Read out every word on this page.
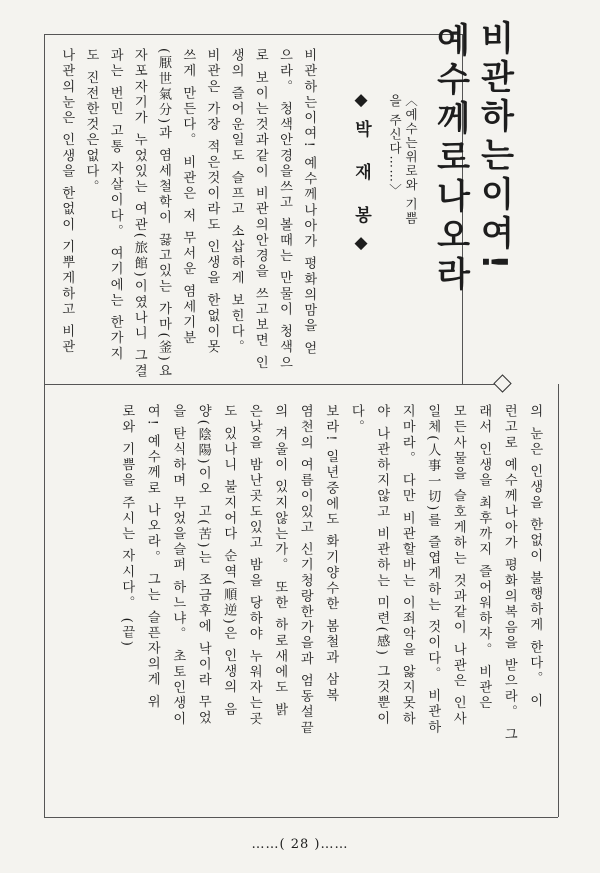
비관하는이여!
예수께로나오라
〈예수는위로와 기쁨
을 주신다……〉
◆박 재 봉◆
비관하는이여! 예수께나아가 평화의맘을 얻
으라。 청색안경을쓰고 볼때는 만물이 청색으
로 보이는것과같이 비관의안경을 쓰고보면 인
생의 즐어운일도 슬프고 소삽하게 보힌다。
비관은 가장 적은것이라도 인생을 한없이못
쓰게 만든다。 비관은 저 무서운 염세기분
(厭世氣分)과 염세철학이 끓고있는 가마(釜)요
자포자기가 누었있는 여관(旅館)이였나니 그결
과는 번민 고통 자살이다。 여기에는 한가지
도 진전한것은없다。
나관의눈은 인생을 한없이 기뿌게하고 비관
의 눈은 인생을 한없이 불행하게 한다。 이
런고로 예수께나아가 평화의복음을 받으라。 그
래서 인생을 최후까지 즐어워하자。 비관은
모든사물을 슬호게하는 것과같이 나관은 인사
일체(人事一切)를 즐엽게하는 것이다。 비관하
지마라。 다만 비관할바는 이죄악을 앓지못하
야 나관하지않고 비관하는 미련(感) 그것뿐이
다。
보라! 일년중에도 화기양수한 봄철과 삼복
염천의 여름이있고 신기청랑한가을과 엄동설끝
의 겨울이 있지않는가。 또한 하로새에도 밝
은낮을 밤난곳도있고 밤을 당하야 누워자는곳
도 있나니 불지어다 순역(順逆)은 인생의 음
양(陰陽)이오 고(苦)는 조금후에 낙이라 무었
을 탄식하며 무었을슬퍼 하느냐。 초토인생이
여! 예수께로 나오라。 그는 슬픈자의게 위
로와 기쁨을 주시는 자시다。 (끝)
……( 28 )……
